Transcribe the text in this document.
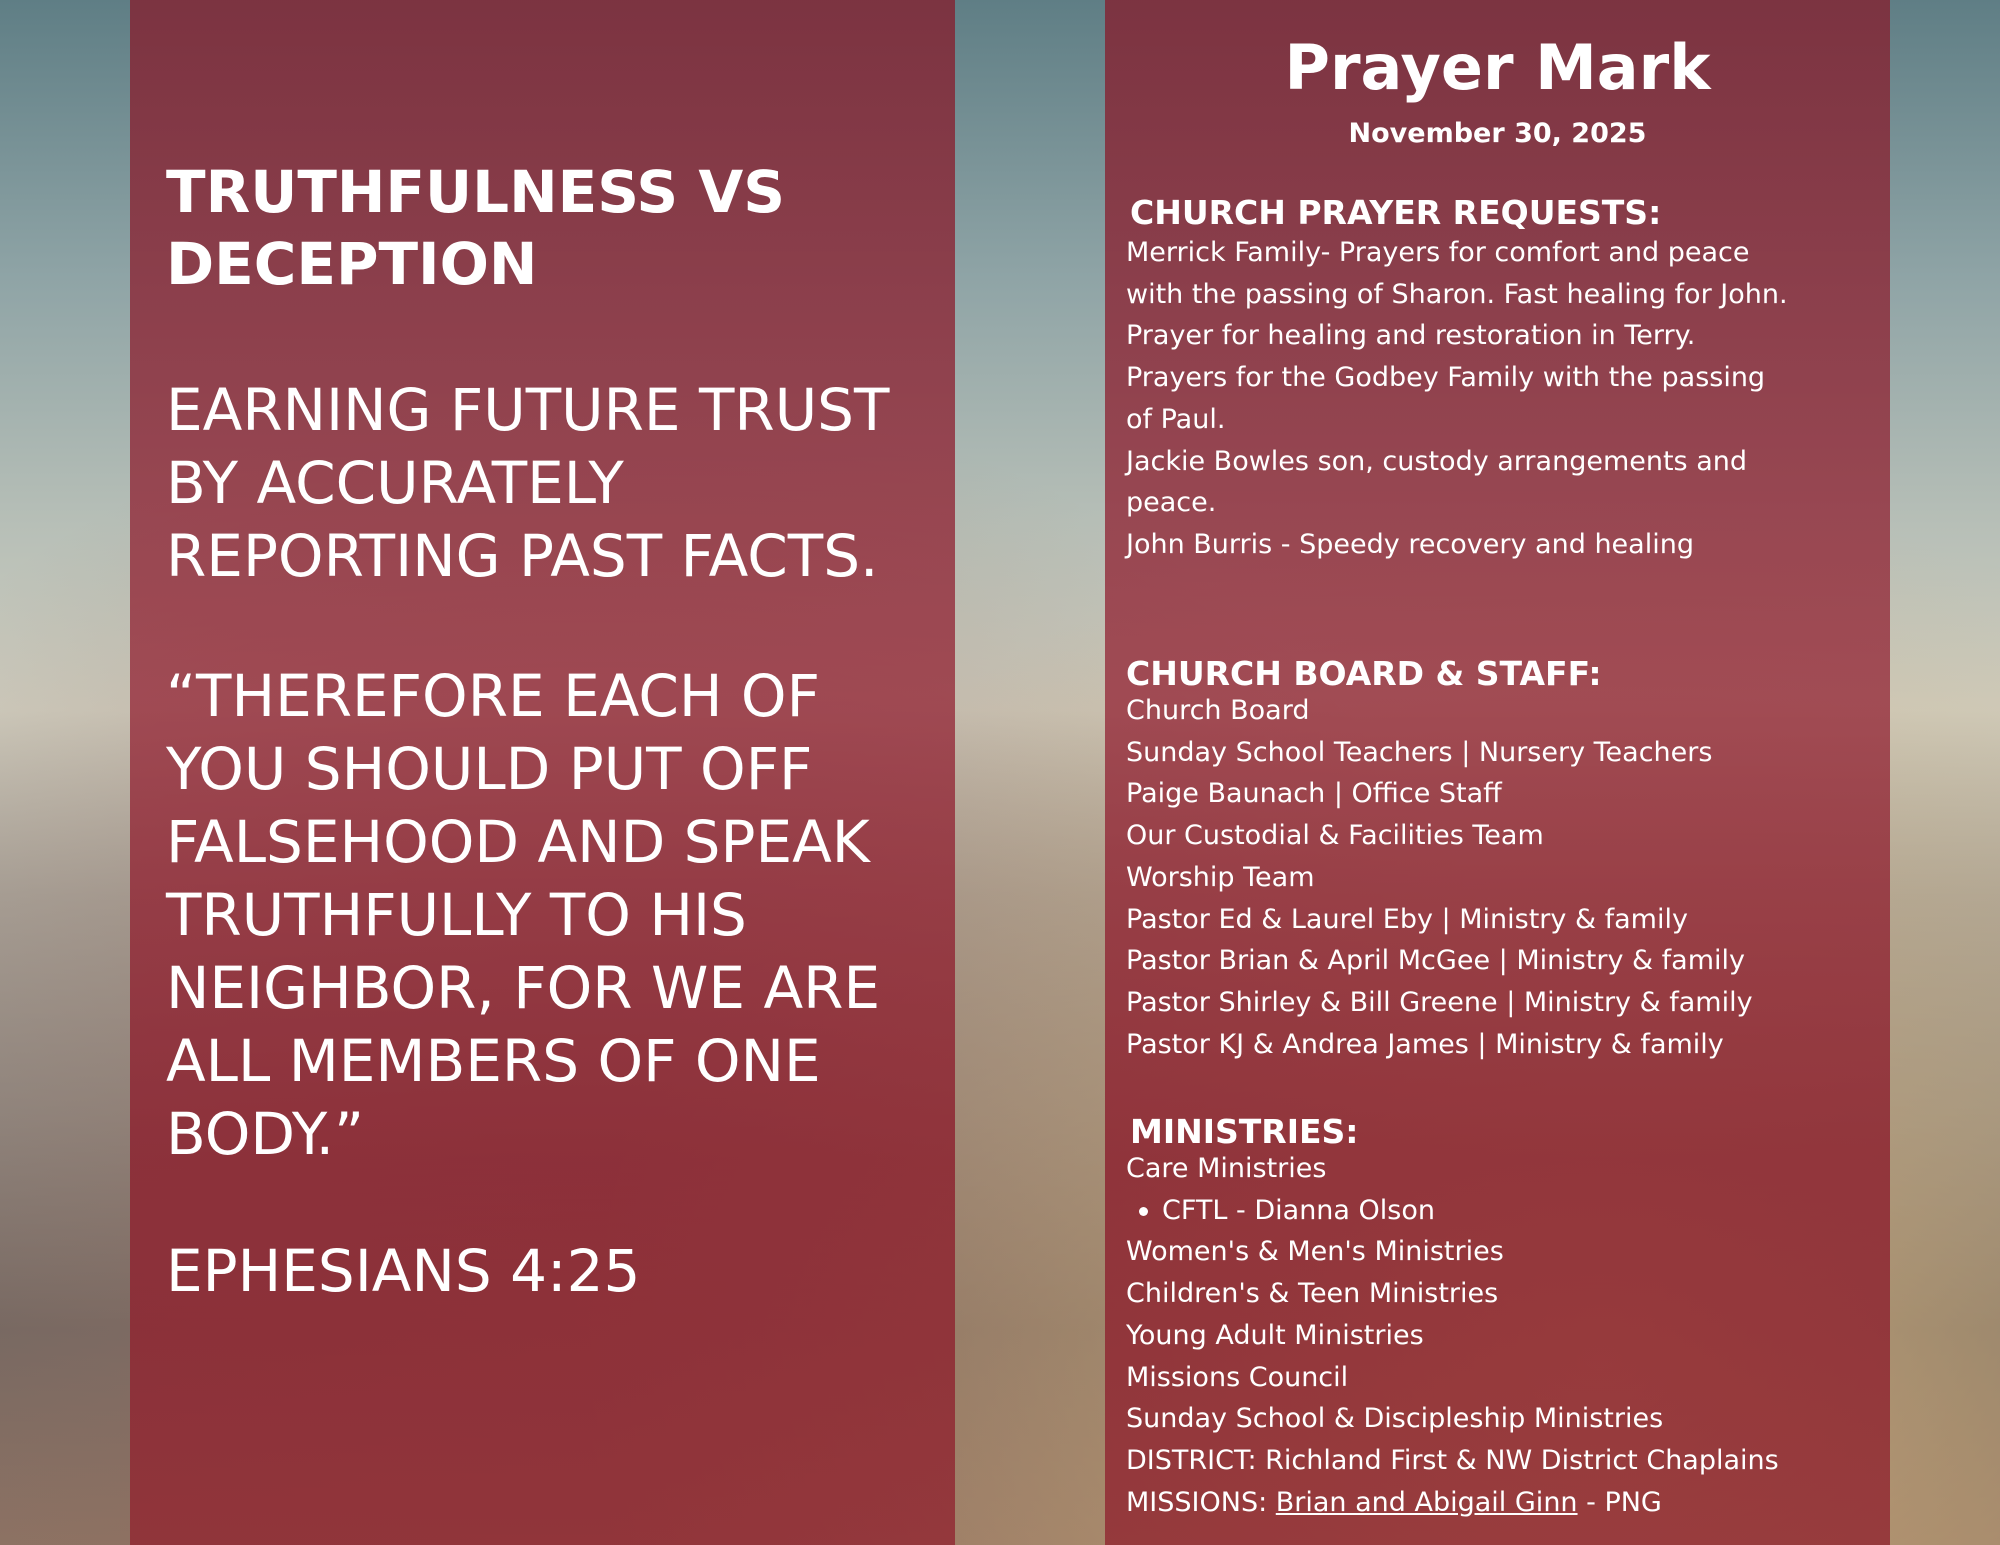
TRUTHFULNESS VS
DECEPTION
EARNING FUTURE TRUST
BY ACCURATELY
REPORTING PAST FACTS.
“THEREFORE EACH OF
YOU SHOULD PUT OFF
FALSEHOOD AND SPEAK
TRUTHFULLY TO HIS
NEIGHBOR, FOR WE ARE
ALL MEMBERS OF ONE
BODY.”
EPHESIANS 4:25
Prayer Mark
November 30, 2025
CHURCH PRAYER REQUESTS:
Merrick Family- Prayers for comfort and peace
with the passing of Sharon. Fast healing for John.
Prayer for healing and restoration in Terry.
Prayers for the Godbey Family with the passing
of Paul.
Jackie Bowles son, custody arrangements and
peace.
John Burris - Speedy recovery and healing
CHURCH BOARD & STAFF:
Church Board
Sunday School Teachers | Nursery Teachers
Paige Baunach | Office Staff
Our Custodial & Facilities Team
Worship Team
Pastor Ed & Laurel Eby | Ministry & family
Pastor Brian & April McGee | Ministry & family
Pastor Shirley & Bill Greene | Ministry & family
Pastor KJ & Andrea James | Ministry & family
MINISTRIES:
Care Ministries
CFTL - Dianna Olson
Women's & Men's Ministries
Children's & Teen Ministries
Young Adult Ministries
Missions Council
Sunday School & Discipleship Ministries
DISTRICT: Richland First & NW District Chaplains
MISSIONS: Brian and Abigail Ginn - PNG
